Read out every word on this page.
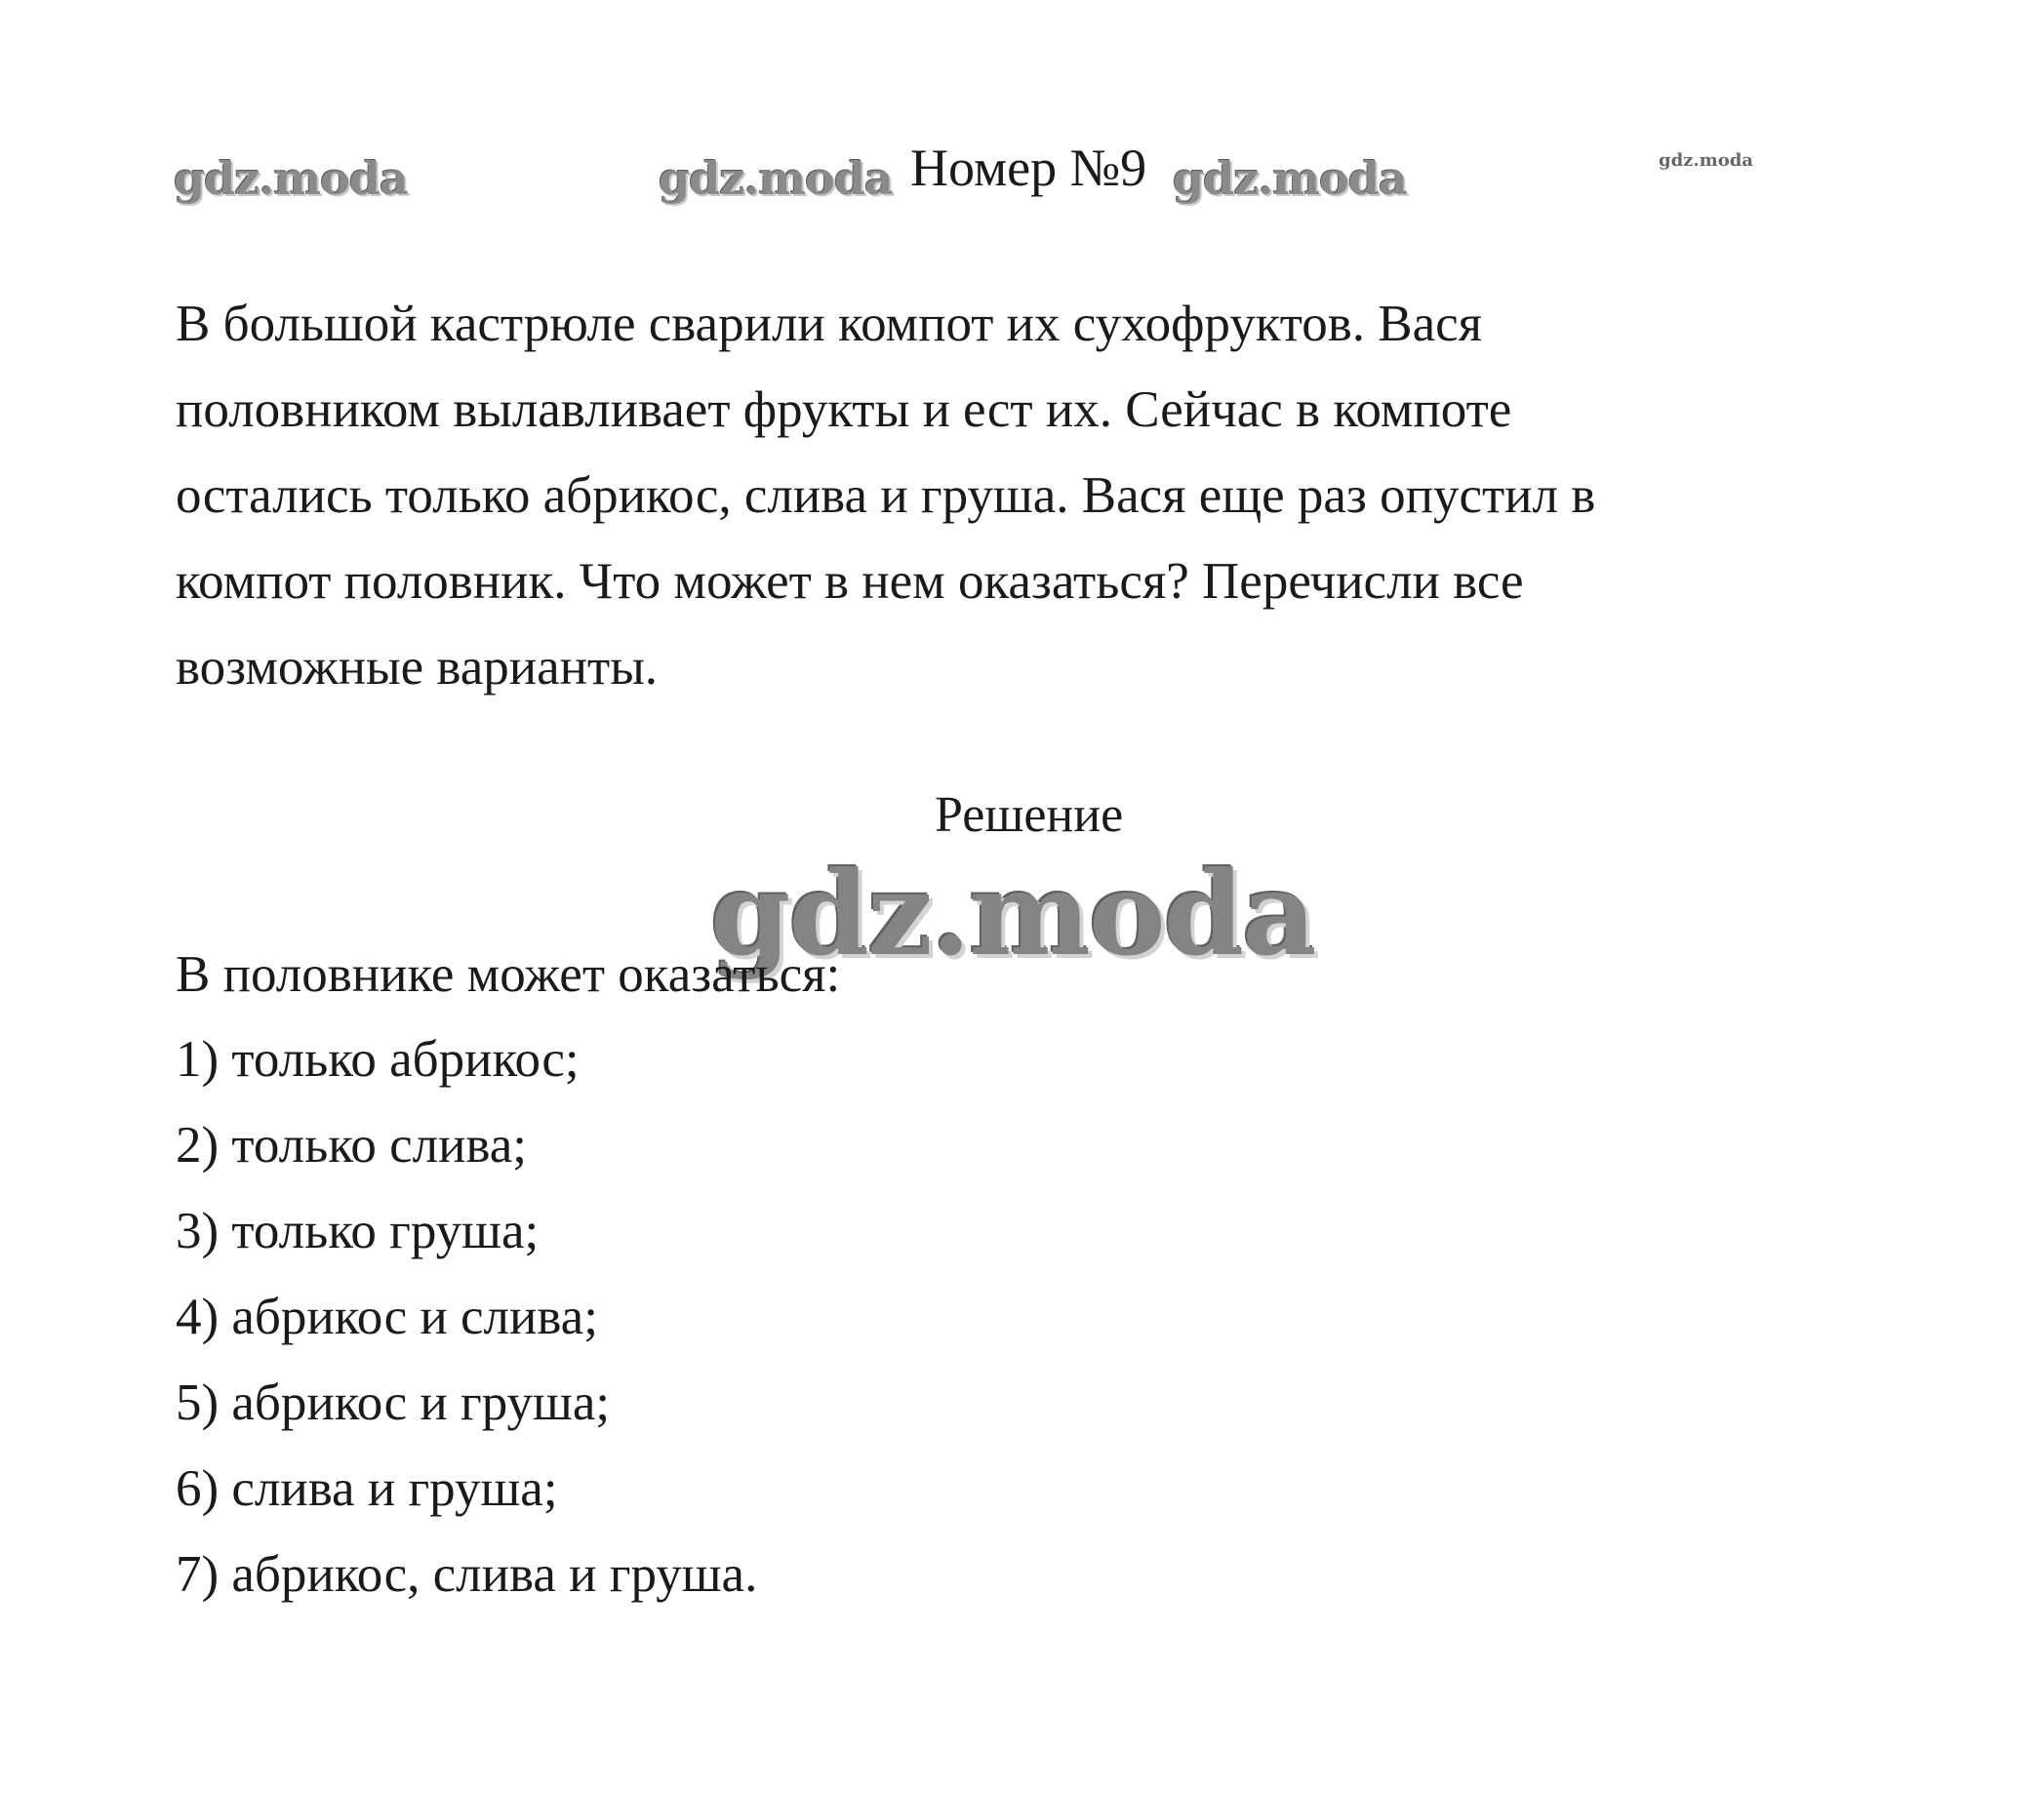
gdz.moda	gdz.moda Номер №9 gdz.moda	gdz.moda

В большой кастрюле сварили компот их сухофруктов. Вася
половником вылавливает фрукты и ест их. Сейчас в компоте
остались только абрикос, слива и груша. Вася еще раз опустил в
компот половник. Что может в нем оказаться? Перечисли все
возможные варианты.

Решение
gdz.moda

В половнике может оказаться:

1) только абрикос;
2) только слива;
3) только груша;
4) абрикос и слива;
5) абрикос и груша;
6) слива и груша;
7) абрикос, слива и груша.
